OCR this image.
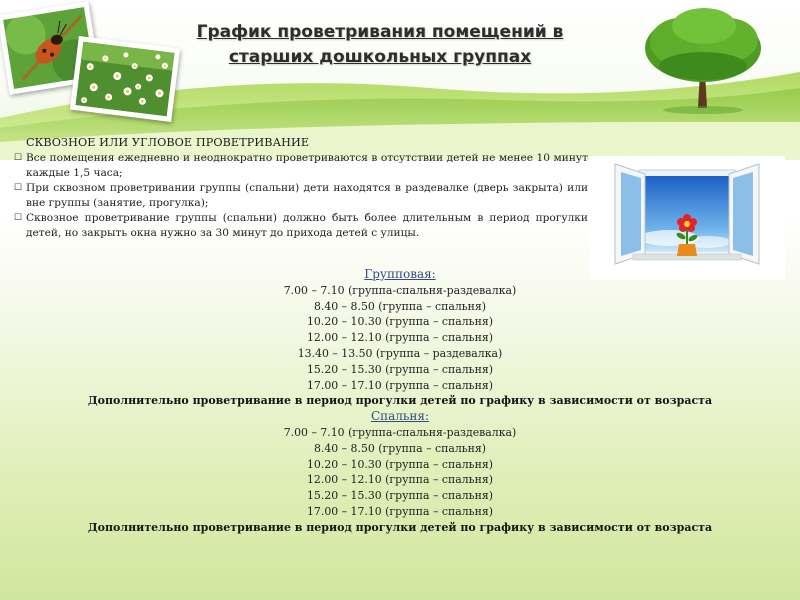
График проветривания помещений в
старших дошкольных группах

СКВОЗНОЕ ИЛИ УГЛОВОЕ ПРОВЕТРИВАНИЕ

☐ Все помещения ежедневно и неоднократно проветриваются в отсутствии детей не менее 10 минут каждые 1,5 часа;
☐ При сквозном проветривании группы (спальни) дети находятся в раздевалке (дверь закрыта) или вне группы (занятие, прогулка);
☐ Сквозное проветривание группы (спальни) должно быть более длительным в период прогулки детей, но закрыть окна нужно за 30 минут до прихода детей с улицы.

Групповая:

7.00 – 7.10 (группа-спальня-раздевалка)

8.40 – 8.50 (группа – спальня)

10.20 – 10.30 (группа – спальня)

12.00 – 12.10 (группа – спальня)

13.40 – 13.50 (группа – раздевалка)

15.20 – 15.30 (группа – спальня)

17.00 – 17.10 (группа – спальня)

Дополнительно проветривание в период прогулки детей по графику в зависимости от возраста

Спальня:

7.00 – 7.10 (группа-спальня-раздевалка)

8.40 – 8.50 (группа – спальня)

10.20 – 10.30 (группа – спальня)

12.00 – 12.10 (группа – спальня)

15.20 – 15.30 (группа – спальня)

17.00 – 17.10 (группа – спальня)

Дополнительно проветривание в период прогулки детей по графику в зависимости от возраста
